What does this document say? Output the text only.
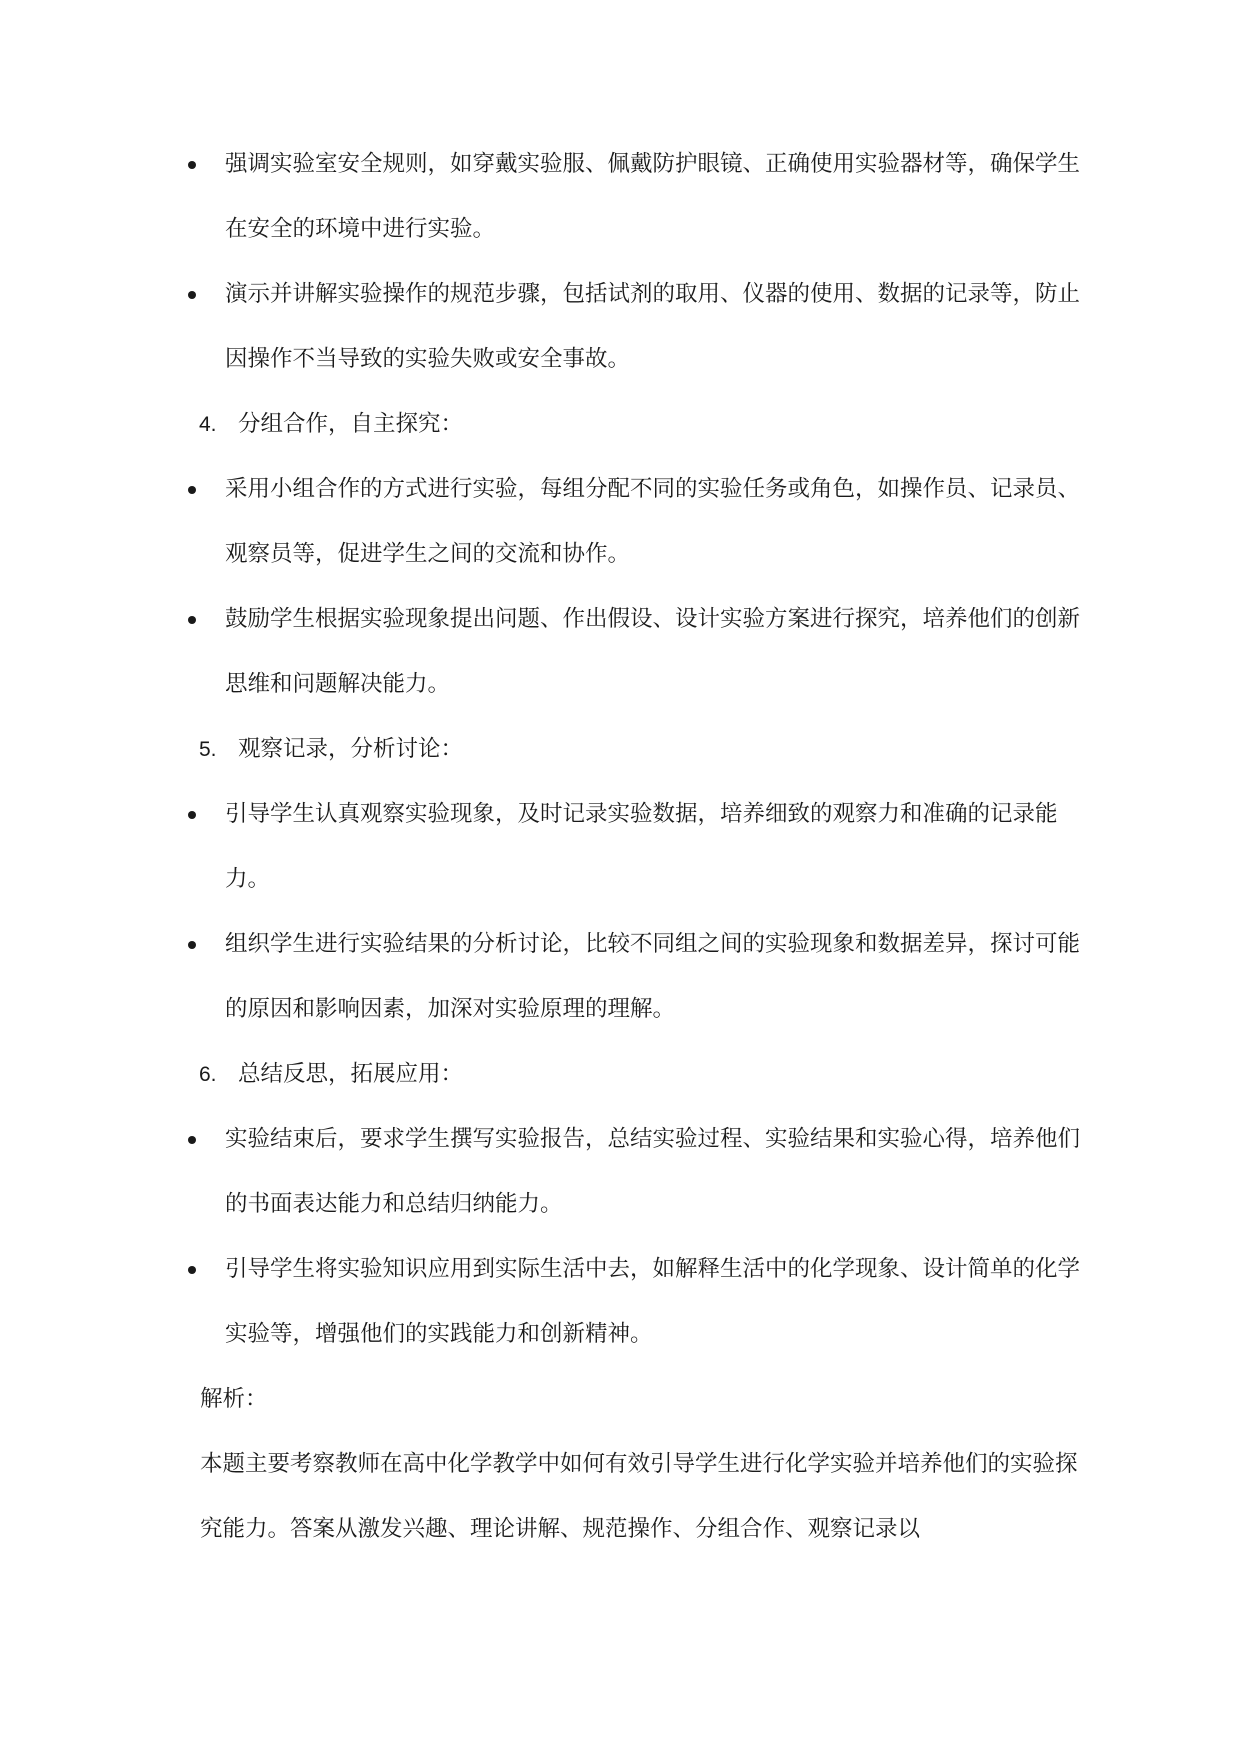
强调实验室安全规则，如穿戴实验服、佩戴防护眼镜、正确使用实验器材等，确保学生在安全的环境中进行实验。
演示并讲解实验操作的规范步骤，包括试剂的取用、仪器的使用、数据的记录等，防止因操作不当导致的实验失败或安全事故。
4. 分组合作，自主探究：
采用小组合作的方式进行实验，每组分配不同的实验任务或角色，如操作员、记录员、观察员等，促进学生之间的交流和协作。
鼓励学生根据实验现象提出问题、作出假设、设计实验方案进行探究，培养他们的创新思维和问题解决能力。
5. 观察记录，分析讨论：
引导学生认真观察实验现象，及时记录实验数据，培养细致的观察力和准确的记录能力。
组织学生进行实验结果的分析讨论，比较不同组之间的实验现象和数据差异，探讨可能的原因和影响因素，加深对实验原理的理解。
6. 总结反思，拓展应用：
实验结束后，要求学生撰写实验报告，总结实验过程、实验结果和实验心得，培养他们的书面表达能力和总结归纳能力。
引导学生将实验知识应用到实际生活中去，如解释生活中的化学现象、设计简单的化学实验等，增强他们的实践能力和创新精神。
解析：
本题主要考察教师在高中化学教学中如何有效引导学生进行化学实验并培养他们的实验探究能力。答案从激发兴趣、理论讲解、规范操作、分组合作、观察记录以
